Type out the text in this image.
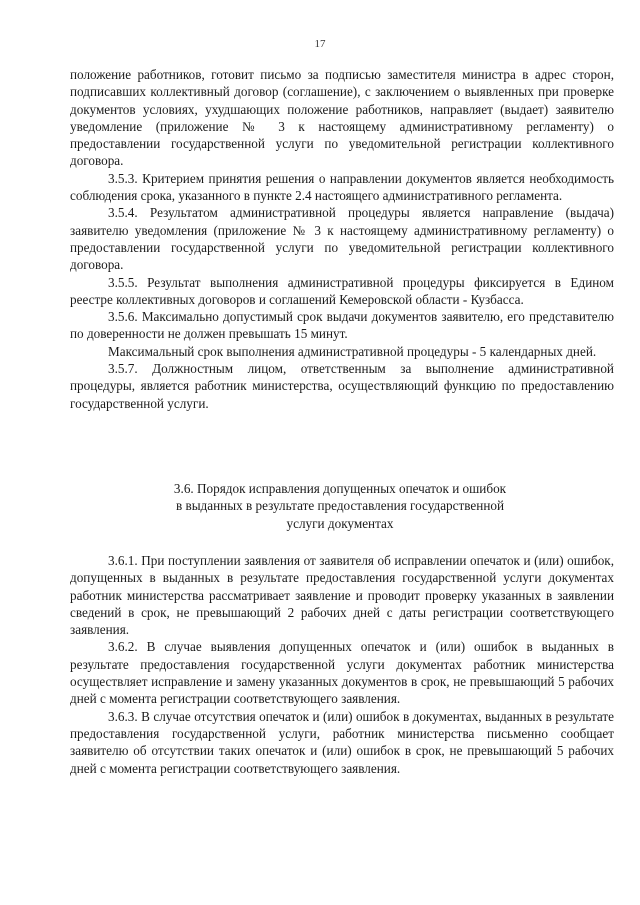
17

положение работников, готовит письмо за подписью заместителя министра в адрес сторон, подписавших коллективный договор (соглашение), с заключением о выявленных при проверке документов условиях, ухудшающих положение работников, направляет (выдает) заявителю уведомление (приложение № 3 к настоящему административному регламенту) о предоставлении государственной услуги по уведомительной регистрации коллективного договора.

3.5.3. Критерием принятия решения о направлении документов является необходимость соблюдения срока, указанного в пункте 2.4 настоящего административного регламента.

3.5.4. Результатом административной процедуры является направление (выдача) заявителю уведомления (приложение № 3 к настоящему административному регламенту) о предоставлении государственной услуги по уведомительной регистрации коллективного договора.

3.5.5. Результат выполнения административной процедуры фиксируется в Едином реестре коллективных договоров и соглашений Кемеровской области - Кузбасса.

3.5.6. Максимально допустимый срок выдачи документов заявителю, его представителю по доверенности не должен превышать 15 минут.

Максимальный срок выполнения административной процедуры - 5 календарных дней.

3.5.7. Должностным лицом, ответственным за выполнение административной процедуры, является работник министерства, осуществляющий функцию по предоставлению государственной услуги.

3.6. Порядок исправления допущенных опечаток и ошибок
в выданных в результате предоставления государственной
услуги документах

3.6.1. При поступлении заявления от заявителя об исправлении опечаток и (или) ошибок, допущенных в выданных в результате предоставления государственной услуги документах работник министерства рассматривает заявление и проводит проверку указанных в заявлении сведений в срок, не превышающий 2 рабочих дней с даты регистрации соответствующего заявления.

3.6.2. В случае выявления допущенных опечаток и (или) ошибок в выданных в результате предоставления государственной услуги документах работник министерства осуществляет исправление и замену указанных документов в срок, не превышающий 5 рабочих дней с момента регистрации соответствующего заявления.

3.6.3. В случае отсутствия опечаток и (или) ошибок в документах, выданных в результате предоставления государственной услуги, работник министерства письменно сообщает заявителю об отсутствии таких опечаток и (или) ошибок в срок, не превышающий 5 рабочих дней с момента регистрации соответствующего заявления.
